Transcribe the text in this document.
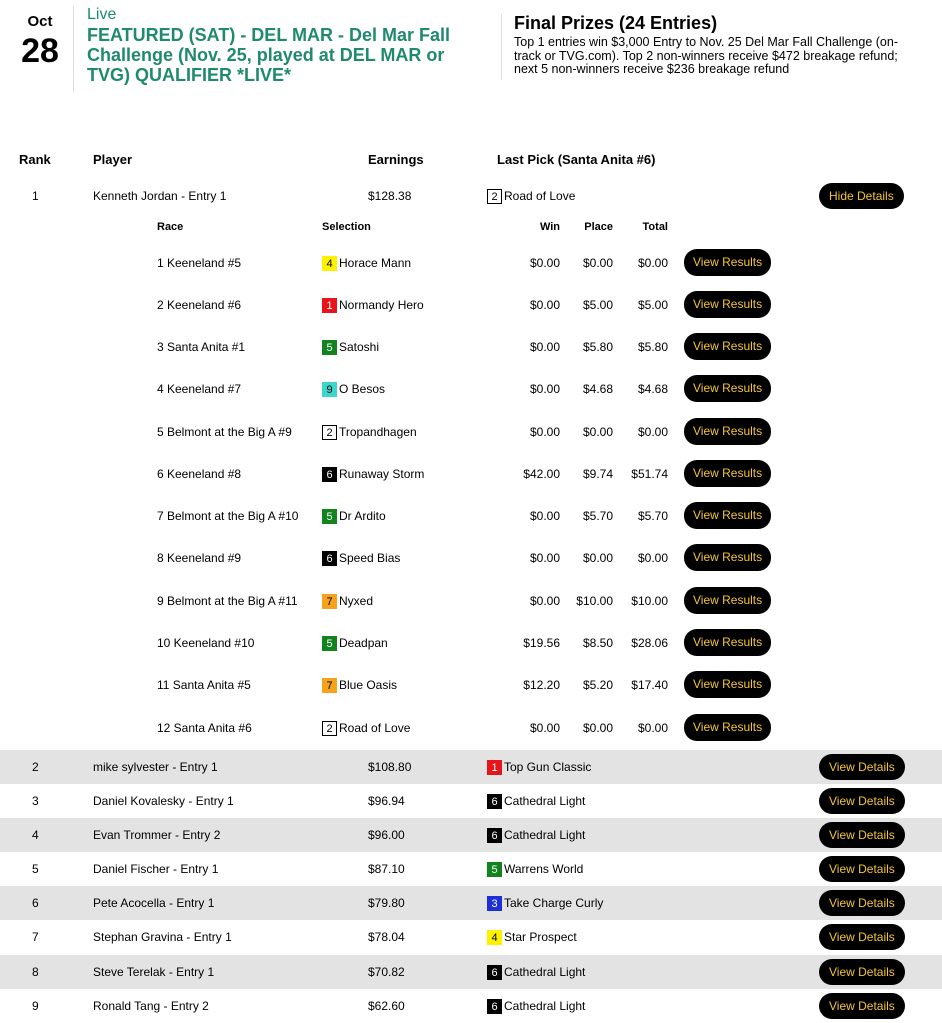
Oct
28
Live
FEATURED (SAT) - DEL MAR - Del Mar Fall Challenge (Nov. 25, played at DEL MAR or TVG) QUALIFIER *LIVE*
Final Prizes (24 Entries)
Top 1 entries win $3,000 Entry to Nov. 25 Del Mar Fall Challenge (on-track or TVG.com). Top 2 non-winners receive $472 breakage refund; next 5 non-winners receive $236 breakage refund
Rank	Player	Earnings	Last Pick (Santa Anita #6)
1	Kenneth Jordan - Entry 1	$128.38	2 Road of Love	Hide Details
Race	Selection	Win Place	Total
1 Keeneland #5	4 Horace Mann	$0.00 $0.00 $0.00	View Results
2 Keeneland #6	1 Normandy Hero	$0.00 $5.00 $5.00	View Results
3 Santa Anita #1	5 Satoshi	$0.00 $5.80 $5.80	View Results
4 Keeneland #7	9 O Besos	$0.00 $4.68 $4.68	View Results
5 Belmont at the Big A #9	2 Tropandhagen	$0.00 $0.00 $0.00	View Results
6 Keeneland #8	6 Runaway Storm	$42.00 $9.74 $51.74	View Results
7 Belmont at the Big A #10	5 Dr Ardito	$0.00 $5.70 $5.70	View Results
8 Keeneland #9	6 Speed Bias	$0.00 $0.00 $0.00	View Results
9 Belmont at the Big A #11	7 Nyxed	$0.00 $10.00 $10.00	View Results
10 Keeneland #10	5 Deadpan	$19.56 $8.50 $28.06	View Results
11 Santa Anita #5	7 Blue Oasis	$12.20 $5.20 $17.40	View Results
12 Santa Anita #6	2 Road of Love	$0.00 $0.00 $0.00	View Results
2	mike sylvester - Entry 1	$108.80	1 Top Gun Classic	View Details
3	Daniel Kovalesky - Entry 1	$96.94	6 Cathedral Light	View Details
4	Evan Trommer - Entry 2	$96.00	6 Cathedral Light	View Details
5	Daniel Fischer - Entry 1	$87.10	5 Warrens World	View Details
6	Pete Acocella - Entry 1	$79.80	3 Take Charge Curly	View Details
7	Stephan Gravina - Entry 1	$78.04	4 Star Prospect	View Details
8	Steve Terelak - Entry 1	$70.82	6 Cathedral Light	View Details
9	Ronald Tang - Entry 2	$62.60	6 Cathedral Light	View Details
